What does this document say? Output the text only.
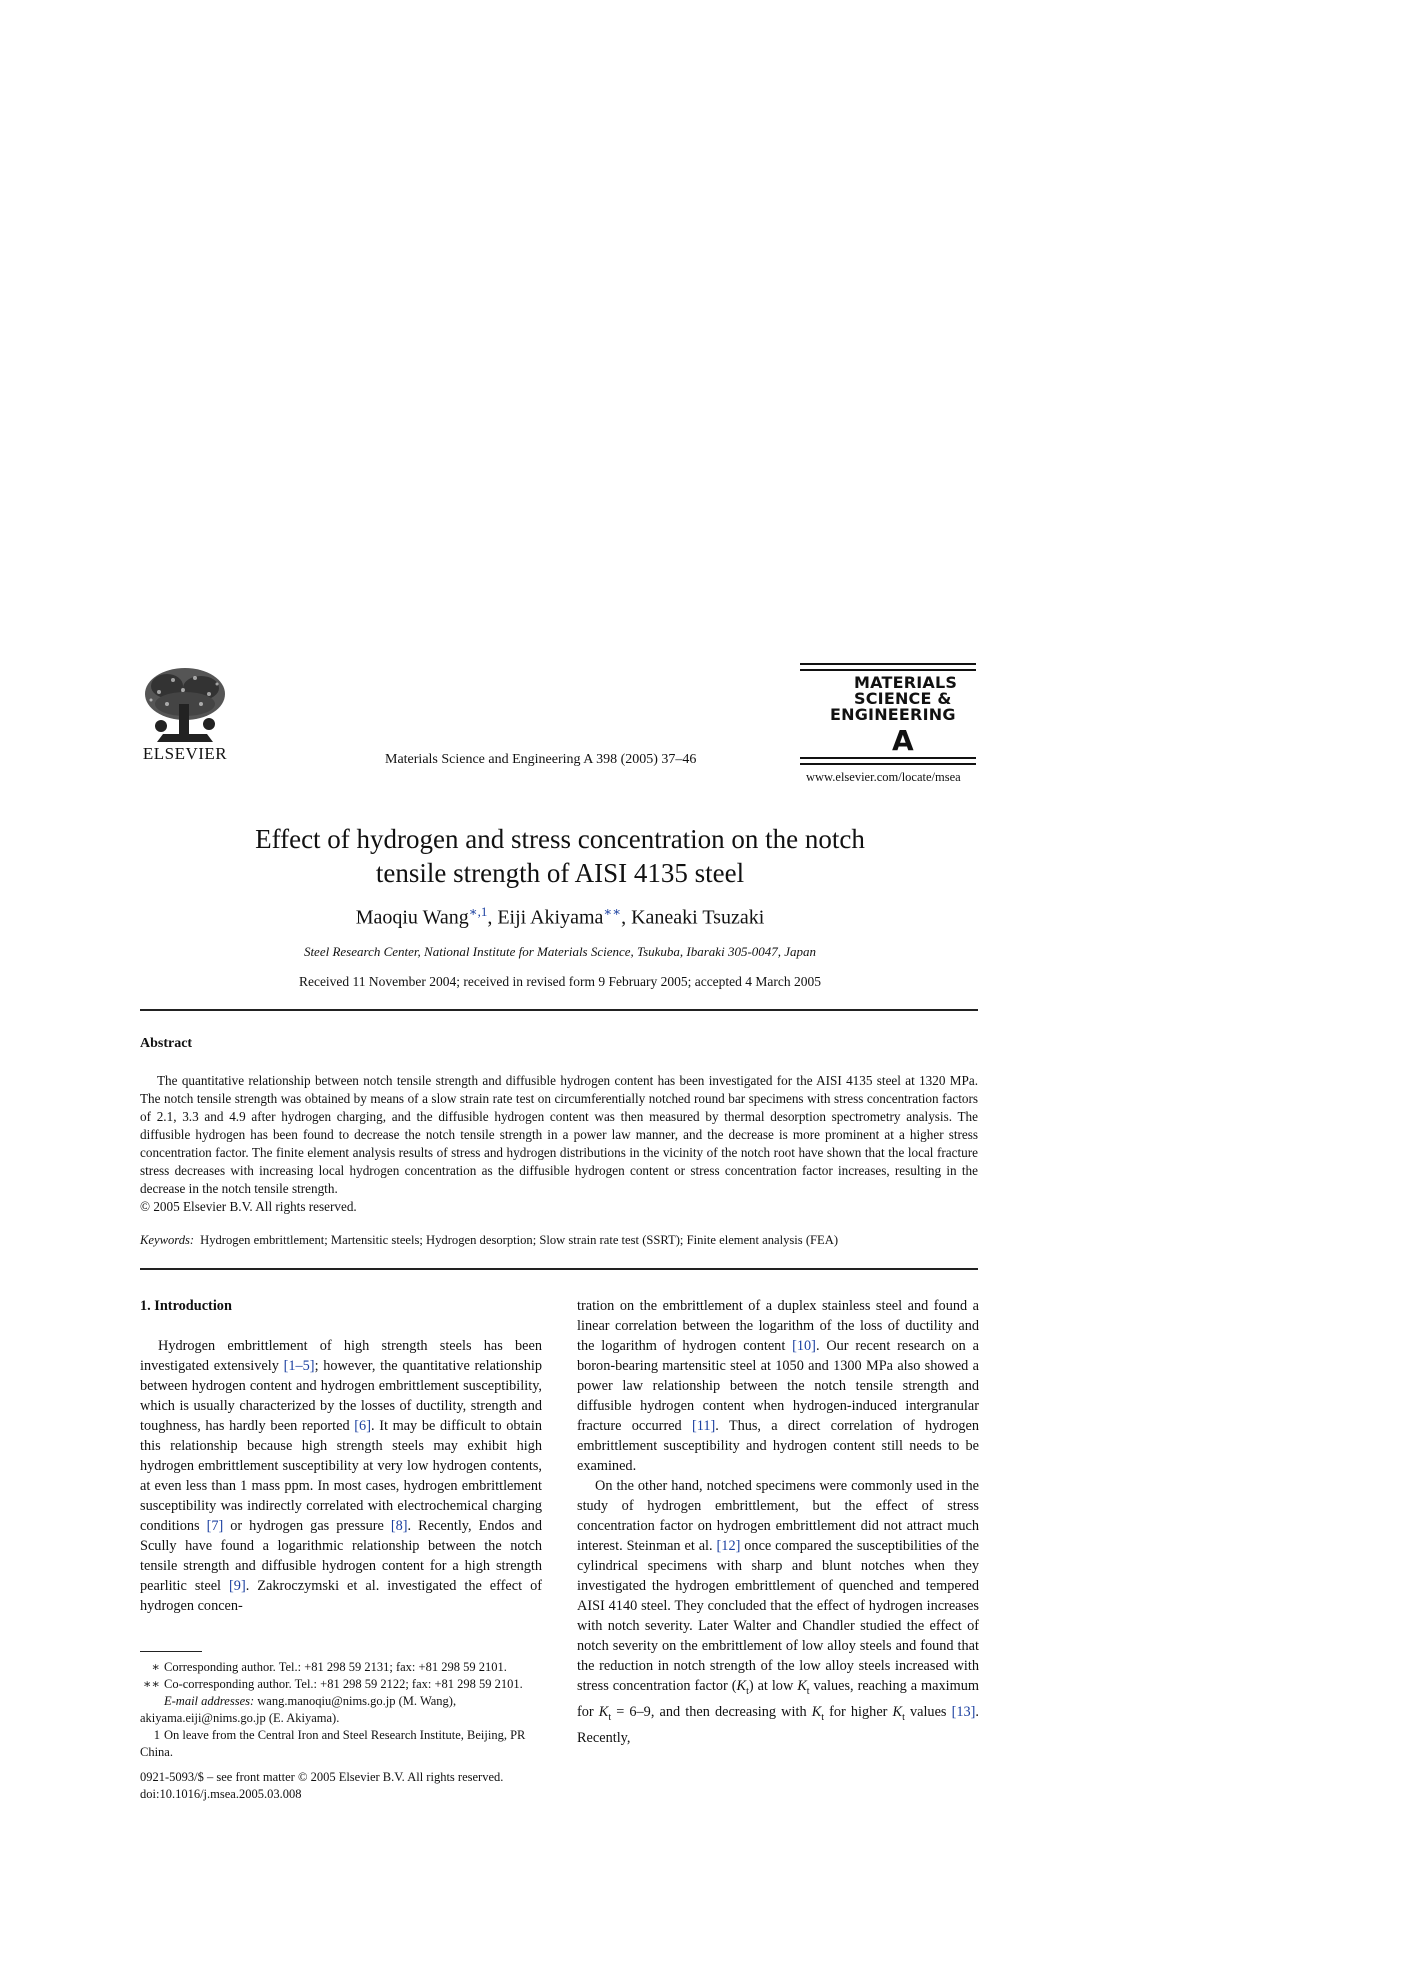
ELSEVIER	Materials Science and Engineering A 398 (2005) 37–46
MATERIALS
SCIENCE &
ENGINEERING
A
www.elsevier.com/locate/msea
Effect of hydrogen and stress concentration on the notch
tensile strength of AISI 4135 steel
Maoqiu Wang$^{∗,1}$, Eiji Akiyama∗∗, Kaneaki Tsuzaki
Steel Research Center, National Institute for Materials Science, Tsukuba, Ibaraki 305-0047, Japan
Received 11 November 2004; received in revised form 9 February 2005; accepted 4 March 2005
Abstract

The quantitative relationship between notch tensile strength and diffusible hydrogen content has been investigated for the AISI 4135 steel at 1320 MPa. The notch tensile strength was obtained by means of a slow strain rate test on circumferentially notched round bar specimens with stress concentration factors of 2.1, 3.3 and 4.9 after hydrogen charging, and the diffusible hydrogen content was then measured by thermal desorption spectrometry analysis. The diffusible hydrogen has been found to decrease the notch tensile strength in a power law manner, and the decrease is more prominent at a higher stress concentration factor. The finite element analysis results of stress and hydrogen distributions in the vicinity of the notch root have shown that the local fracture stress decreases with increasing local hydrogen concentration as the diffusible hydrogen content or stress concentration factor increases, resulting in the decrease in the notch tensile strength.

© 2005 Elsevier B.V. All rights reserved.
Keywords: Hydrogen embrittlement; Martensitic steels; Hydrogen desorption; Slow strain rate test (SSRT); Finite element analysis (FEA)

1. Introduction

Hydrogen embrittlement of high strength steels has been investigated extensively [1–5]; however, the quantitative relationship between hydrogen content and hydrogen embrittlement susceptibility, which is usually characterized by the losses of ductility, strength and toughness, has hardly been reported [6]. It may be difficult to obtain this relationship because high strength steels may exhibit high hydrogen embrittlement susceptibility at very low hydrogen contents, at even less than 1 mass ppm. In most cases, hydrogen embrittlement susceptibility was indirectly correlated with electrochemical charging conditions [7] or hydrogen gas pressure [8]. Recently, Endos and Scully have found a logarithmic relationship between the notch tensile strength and diffusible hydrogen content for a high strength pearlitic steel [9]. Zakroczymski et al. investigated the effect of hydrogen concen-

tration on the embrittlement of a duplex stainless steel and found a linear correlation between the logarithm of the loss of ductility and the logarithm of hydrogen content [10]. Our recent research on a boron-bearing martensitic steel at 1050 and 1300 MPa also showed a power law relationship between the notch tensile strength and diffusible hydrogen content when hydrogen-induced intergranular fracture occurred [11]. Thus, a direct correlation of hydrogen embrittlement susceptibility and hydrogen content still needs to be examined.

On the other hand, notched specimens were commonly used in the study of hydrogen embrittlement, but the effect of stress concentration factor on hydrogen embrittlement did not attract much interest. Steinman et al. [12] once compared the susceptibilities of the cylindrical specimens with sharp and blunt notches when they investigated the hydrogen embrittlement of quenched and tempered AISI 4140 steel. They concluded that the effect of hydrogen increases with notch severity. Later Walter and Chandler studied the effect of notch severity on the embrittlement of low alloy steels and found that the reduction in notch strength of the low alloy steels increased with stress concentration factor $(K_t)$ at low $K_t$ values, reaching a maximum for $K_t = 6-9$, and then decreasing with $K_t$ for higher $K_t$ values [13]. Recently,

∗ Corresponding author. Tel.: +81 298 59 2131; fax: +81 298 59 2101.
∗∗ Co-corresponding author. Tel.: +81 298 59 2122; fax: +81 298 59 2101.
E-mail addresses: wang.manoqiu@nims.go.jp (M. Wang),
akiyama.eiji@nims.go.jp (E. Akiyama).
1 On leave from the Central Iron and Steel Research Institute, Beijing, PR China.
0921-5093/$ – see front matter © 2005 Elsevier B.V. All rights reserved.
doi:10.1016/j.msea.2005.03.008
